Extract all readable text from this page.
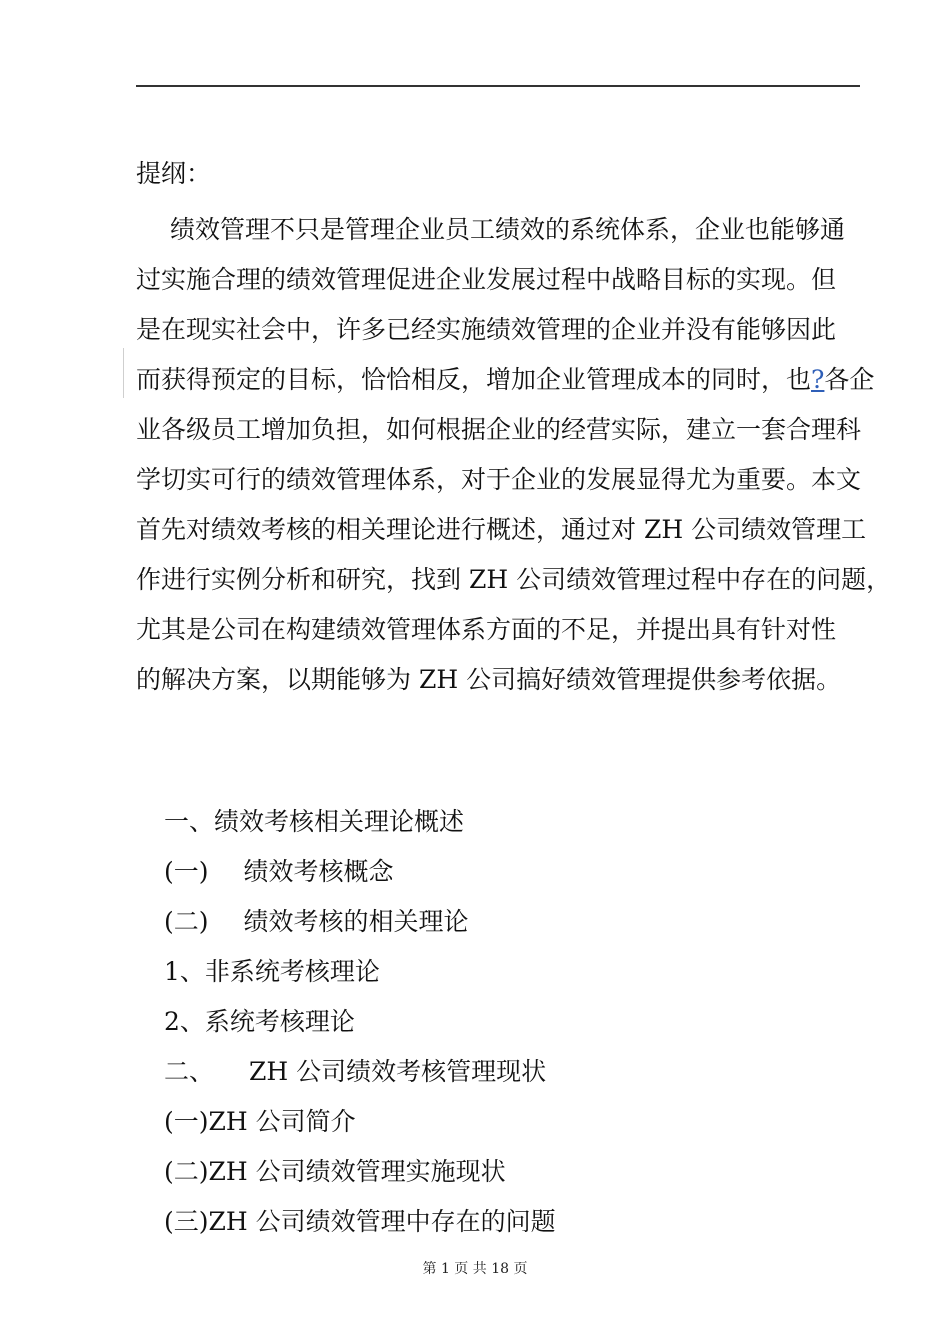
提纲：

绩效管理不只是管理企业员工绩效的系统体系，企业也能够通
过实施合理的绩效管理促进企业发展过程中战略目标的实现。但
是在现实社会中，许多已经实施绩效管理的企业并没有能够因此
而获得预定的目标，恰恰相反，增加企业管理成本的同时，也?各企
业各级员工增加负担，如何根据企业的经营实际，建立一套合理科
学切实可行的绩效管理体系，对于企业的发展显得尤为重要。本文
首先对绩效考核的相关理论进行概述，通过对 ZH 公司绩效管理工
作进行实例分析和研究，找到 ZH 公司绩效管理过程中存在的问题，
尤其是公司在构建绩效管理体系方面的不足，并提出具有针对性
的解决方案，以期能够为 ZH 公司搞好绩效管理提供参考依据。
一、绩效考核相关理论概述
(一) 绩效考核概念
(二) 绩效考核的相关理论
1、非系统考核理论
2、系统考核理论
二、 ZH 公司绩效考核管理现状
(一)ZH 公司简介
(二)ZH 公司绩效管理实施现状
(三)ZH 公司绩效管理中存在的问题
第 1 页 共 18 页
